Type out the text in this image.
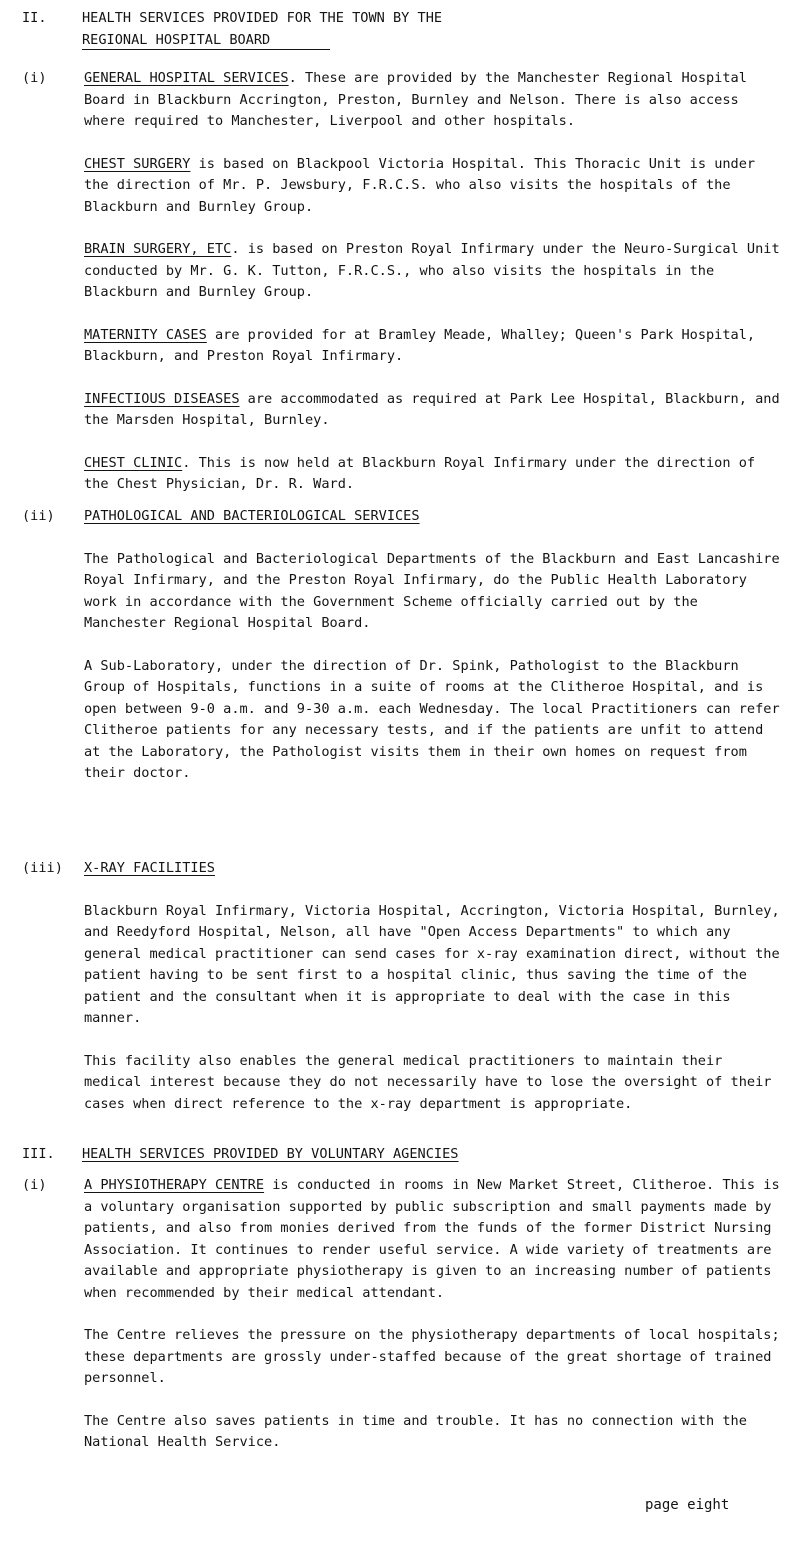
II.	HEALTH SERVICES PROVIDED FOR THE TOWN BY THE
REGIONAL HOSPITAL BOARD
(i)	GENERAL HOSPITAL SERVICES. These are provided by the Manchester Regional Hospital Board in Blackburn Accrington, Preston, Burnley and Nelson. There is also access where required to Manchester, Liverpool and other hospitals.

CHEST SURGERY is based on Blackpool Victoria Hospital. This Thoracic Unit is under the direction of Mr. P. Jewsbury, F.R.C.S. who also visits the hospitals of the Blackburn and Burnley Group.

BRAIN SURGERY, ETC. is based on Preston Royal Infirmary under the Neuro-Surgical Unit conducted by Mr. G. K. Tutton, F.R.C.S., who also visits the hospitals in the Blackburn and Burnley Group.

MATERNITY CASES are provided for at Bramley Meade, Whalley; Queen's Park Hospital, Blackburn, and Preston Royal Infirmary.

INFECTIOUS DISEASES are accommodated as required at Park Lee Hospital, Blackburn, and the Marsden Hospital, Burnley.

CHEST CLINIC. This is now held at Blackburn Royal Infirmary under the direction of the Chest Physician, Dr. R. Ward.

(ii) PATHOLOGICAL AND BACTERIOLOGICAL SERVICES

The Pathological and Bacteriological Departments of the Blackburn and East Lancashire Royal Infirmary, and the Preston Royal Infirmary, do the Public Health Laboratory work in accordance with the Government Scheme officially carried out by the Manchester Regional Hospital Board.

A Sub-Laboratory, under the direction of Dr. Spink, Pathologist to the Blackburn Group of Hospitals, functions in a suite of rooms at the Clitheroe Hospital, and is open between 9-0 a.m. and 9-30 a.m. each Wednesday. The local Practitioners can refer Clitheroe patients for any necessary tests, and if the patients are unfit to attend at the Laboratory, the Pathologist visits them in their own homes on request from their doctor.

(iii) X-RAY FACILITIES

Blackburn Royal Infirmary, Victoria Hospital, Accrington, Victoria Hospital, Burnley, and Reedyford Hospital, Nelson, all have "Open Access Departments" to which any general medical practitioner can send cases for x-ray examination direct, without the patient having to be sent first to a hospital clinic, thus saving the time of the patient and the consultant when it is appropriate to deal with the case in this manner.

This facility also enables the general medical practitioners to maintain their medical interest because they do not necessarily have to lose the oversight of their cases when direct reference to the x-ray department is appropriate.

III. HEALTH SERVICES PROVIDED BY VOLUNTARY AGENCIES
(i)	A PHYSIOTHERAPY CENTRE is conducted in rooms in New Market Street, Clitheroe. This is a voluntary organisation supported by public subscription and small payments made by patients, and also from monies derived from the funds of the former District Nursing Association. It continues to render useful service. A wide variety of treatments are available and appropriate physiotherapy is given to an increasing number of patients when recommended by their medical attendant.

The Centre relieves the pressure on the physiotherapy departments of local hospitals; these departments are grossly under-staffed because of the great shortage of trained personnel.

The Centre also saves patients in time and trouble. It has no connection with the National Health Service.

page eight
